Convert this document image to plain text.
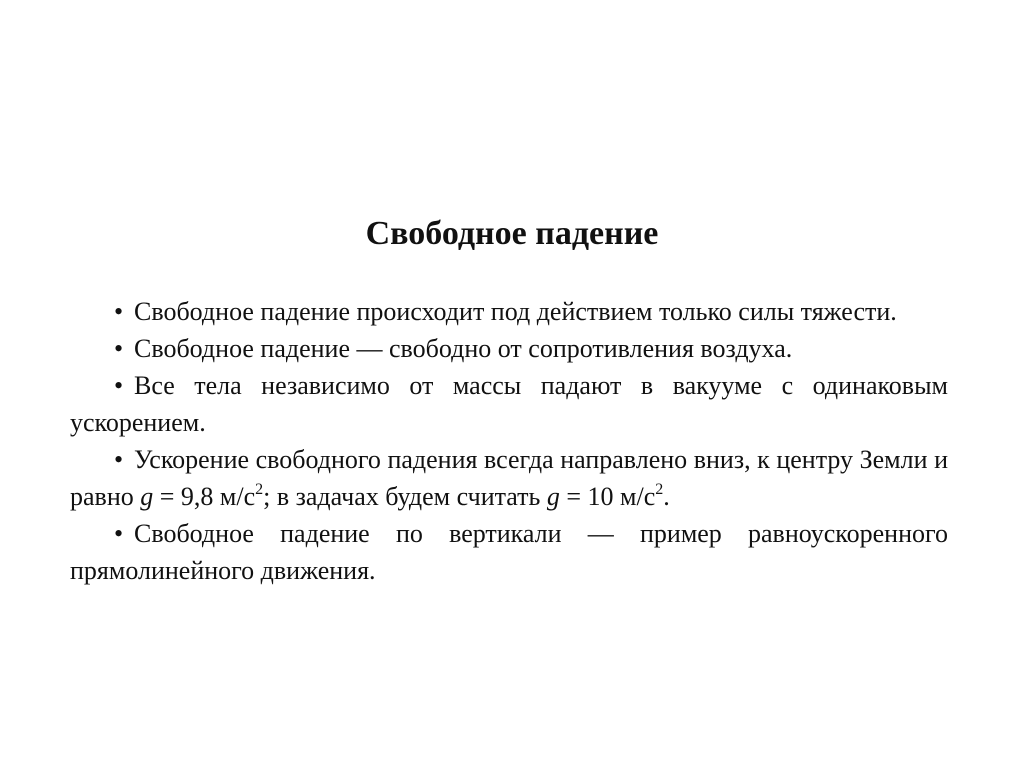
Свободное падение

• Свободное падение происходит под действием только силы тяжести.

• Свободное падение — свободно от сопротивления воздуха.

• Все тела независимо от массы падают в вакууме с одинаковым ускорением.

• Ускорение свободного падения всегда направлено вниз, к центру Земли и равно g = 9,8 $м/с^2$; в задачах будем считать g = 10 $м/с^2$.

• Свободное падение по вертикали — пример равноускоренного прямолинейного движения.
